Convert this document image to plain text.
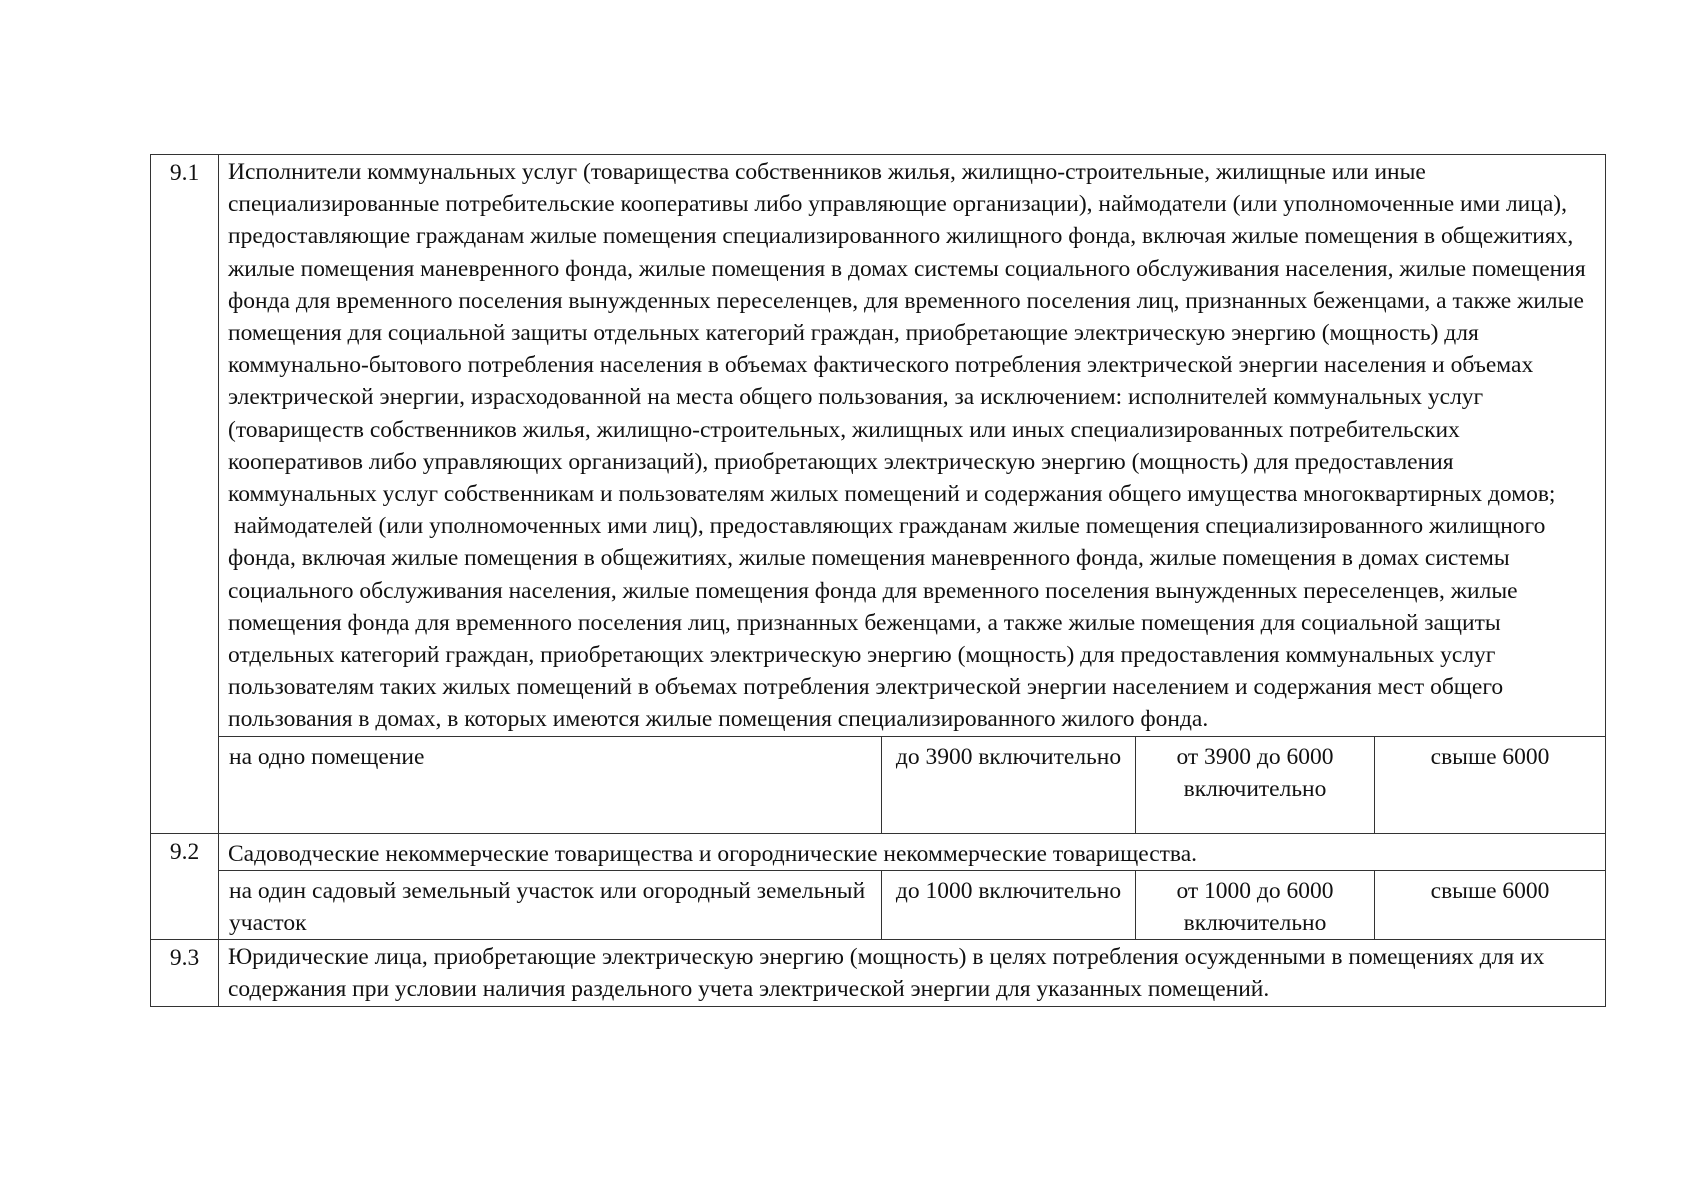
9.1	Исполнители коммунальных услуг (товарищества собственников жилья, жилищно-строительные, жилищные или иные специализированные потребительские кооперативы либо управляющие организации), наймодатели (или уполномоченные ими лица), предоставляющие гражданам жилые помещения специализированного жилищного фонда, включая жилые помещения в общежитиях, жилые помещения маневренного фонда, жилые помещения в домах системы социального обслуживания населения, жилые помещения фонда для временного поселения вынужденных переселенцев, для временного поселения лиц, признанных беженцами, а также жилые помещения для социальной защиты отдельных категорий граждан, приобретающие электрическую энергию (мощность) для коммунально-бытового потребления населения в объемах фактического потребления электрической энергии населения и объемах электрической энергии, израсходованной на места общего пользования, за исключением: исполнителей коммунальных услуг (товариществ собственников жилья, жилищно-строительных, жилищных или иных специализированных потребительских кооперативов либо управляющих организаций), приобретающих электрическую энергию (мощность) для предоставления коммунальных услуг собственникам и пользователям жилых помещений и содержания общего имущества многоквартирных домов;

наймодателей (или уполномоченных ими лиц), предоставляющих гражданам жилые помещения специализированного жилищного фонда, включая жилые помещения в общежитиях, жилые помещения маневренного фонда, жилые помещения в домах системы социального обслуживания населения, жилые помещения фонда для временного поселения вынужденных переселенцев, жилые помещения фонда для временного поселения лиц, признанных беженцами, а также жилые помещения для социальной защиты отдельных категорий граждан, приобретающих электрическую энергию (мощность) для предоставления коммунальных услуг пользователям таких жилых помещений в объемах потребления электрической энергии населением и содержания мест общего пользования в домах, в которых имеются жилые помещения специализированного жилого фонда.			

	на одно помещение	до 3900 включительно	от 3900 до 6000 включительно	свыше 6000
9.2	Садоводческие некоммерческие товарищества и огороднические некоммерческие товарищества.			
	на один садовый земельный участок или огородный земельный участок	до 1000 включительно	от 1000 до 6000 включительно	свыше 6000
9.3	Юридические лица, приобретающие электрическую энергию (мощность) в целях потребления осужденными в помещениях для их содержания при условии наличия раздельного учета электрической энергии для указанных помещений.			
